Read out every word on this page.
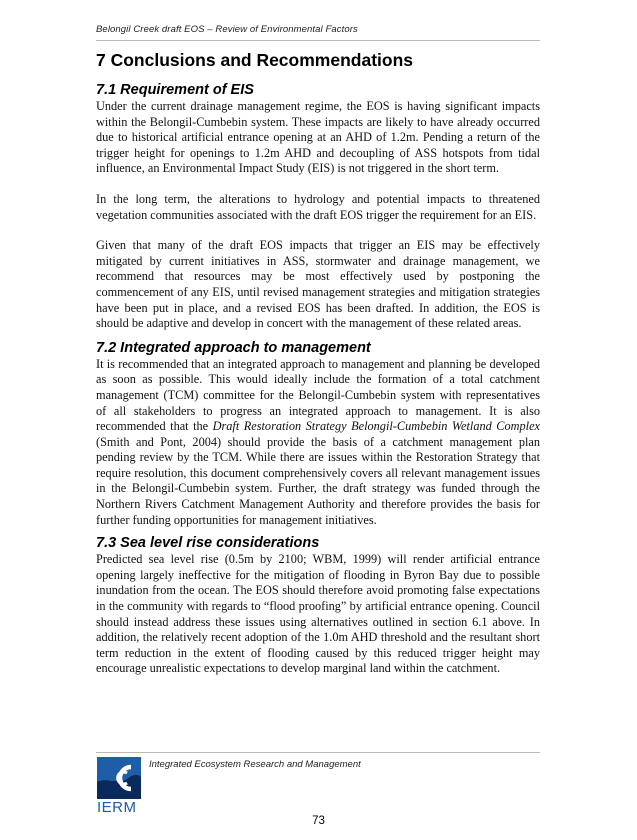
Belongil Creek draft EOS – Review of Environmental Factors
7 Conclusions and Recommendations
7.1 Requirement of EIS

Under the current drainage management regime, the EOS is having significant impacts within the Belongil-Cumbebin system. These impacts are likely to have already occurred due to historical artificial entrance opening at an AHD of 1.2m. Pending a return of the trigger height for openings to 1.2m AHD and decoupling of ASS hotspots from tidal influence, an Environmental Impact Study (EIS) is not triggered in the short term.

In the long term, the alterations to hydrology and potential impacts to threatened vegetation communities associated with the draft EOS trigger the requirement for an EIS.

Given that many of the draft EOS impacts that trigger an EIS may be effectively mitigated by current initiatives in ASS, stormwater and drainage management, we recommend that resources may be most effectively used by postponing the commencement of any EIS, until revised management strategies and mitigation strategies have been put in place, and a revised EOS has been drafted. In addition, the EOS is should be adaptive and develop in concert with the management of these related areas.

7.2 Integrated approach to management

It is recommended that an integrated approach to management and planning be developed as soon as possible. This would ideally include the formation of a total catchment management (TCM) committee for the Belongil-Cumbebin system with representatives of all stakeholders to progress an integrated approach to management. It is also recommended that the Draft Restoration Strategy Belongil-Cumbebin Wetland Complex (Smith and Pont, 2004) should provide the basis of a catchment management plan pending review by the TCM. While there are issues within the Restoration Strategy that require resolution, this document comprehensively covers all relevant management issues in the Belongil-Cumbebin system. Further, the draft strategy was funded through the Northern Rivers Catchment Management Authority and therefore provides the basis for further funding opportunities for management initiatives.

7.3 Sea level rise considerations

Predicted sea level rise (0.5m by 2100; WBM, 1999) will render artificial entrance opening largely ineffective for the mitigation of flooding in Byron Bay due to possible inundation from the ocean. The EOS should therefore avoid promoting false expectations in the community with regards to “flood proofing” by artificial entrance opening. Council should instead address these issues using alternatives outlined in section 6.1 above. In addition, the relatively recent adoption of the 1.0m AHD threshold and the resultant short term reduction in the extent of flooding caused by this reduced trigger height may encourage unrealistic expectations to develop marginal land within the catchment.

IERM
Integrated Ecosystem Research and Management
73
